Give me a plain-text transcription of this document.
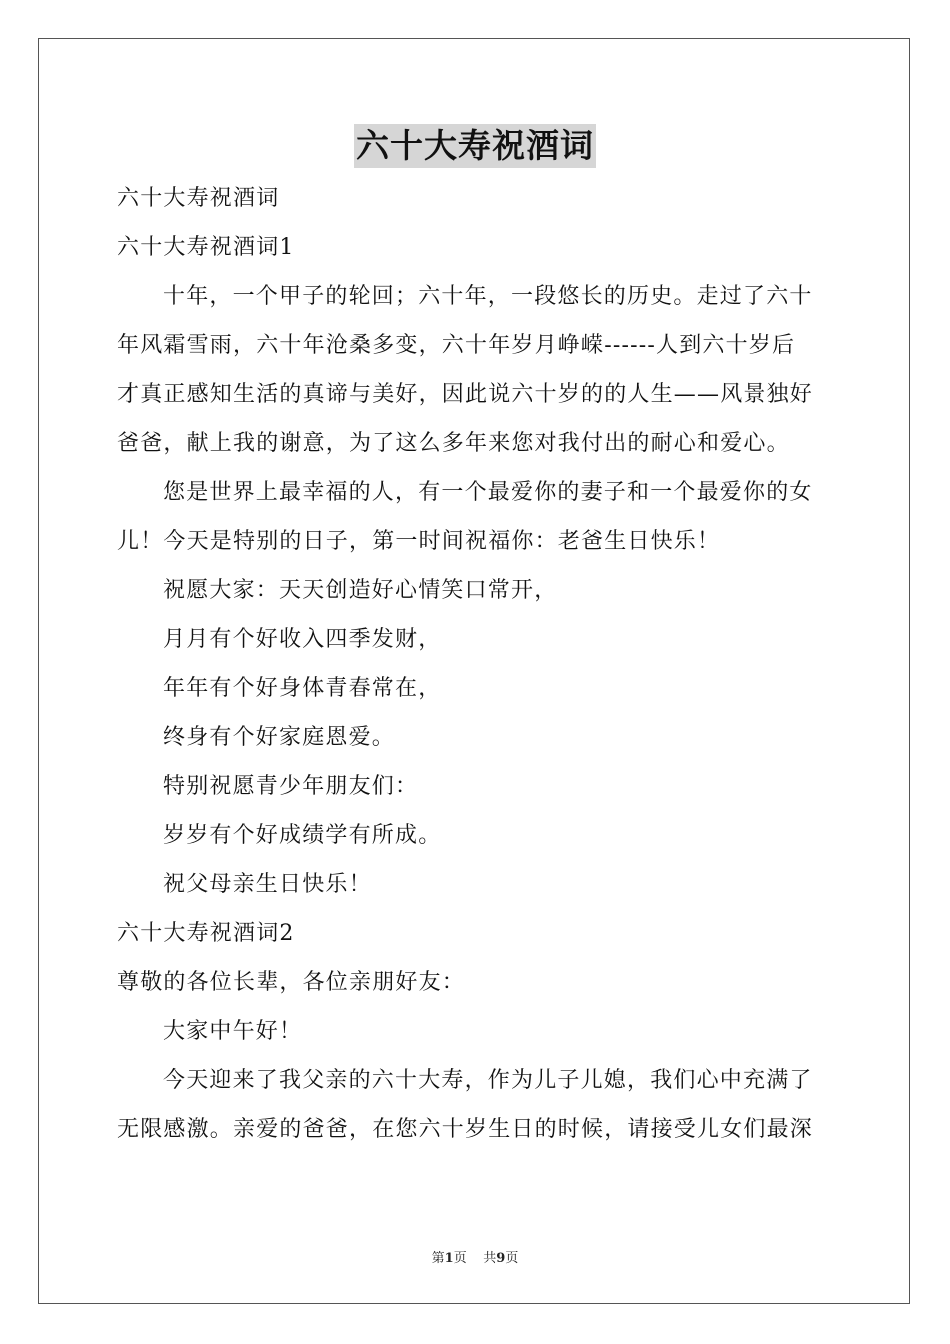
六十大寿祝酒词
六十大寿祝酒词
六十大寿祝酒词1
十年，一个甲子的轮回；六十年，一段悠长的历史。走过了六十
年风霜雪雨，六十年沧桑多变，六十年岁月峥嵘------人到六十岁后
才真正感知生活的真谛与美好，因此说六十岁的的人生——风景独好
爸爸，献上我的谢意，为了这么多年来您对我付出的耐心和爱心。
您是世界上最幸福的人，有一个最爱你的妻子和一个最爱你的女
儿！今天是特别的日子，第一时间祝福你：老爸生日快乐！
祝愿大家：天天创造好心情笑口常开，
月月有个好收入四季发财，
年年有个好身体青春常在，
终身有个好家庭恩爱。
特别祝愿青少年朋友们：
岁岁有个好成绩学有所成。
祝父母亲生日快乐！
六十大寿祝酒词2
尊敬的各位长辈，各位亲朋好友：
大家中午好！
今天迎来了我父亲的六十大寿，作为儿子儿媳，我们心中充满了
无限感激。亲爱的爸爸，在您六十岁生日的时候，请接受儿女们最深
第1页 共9页
